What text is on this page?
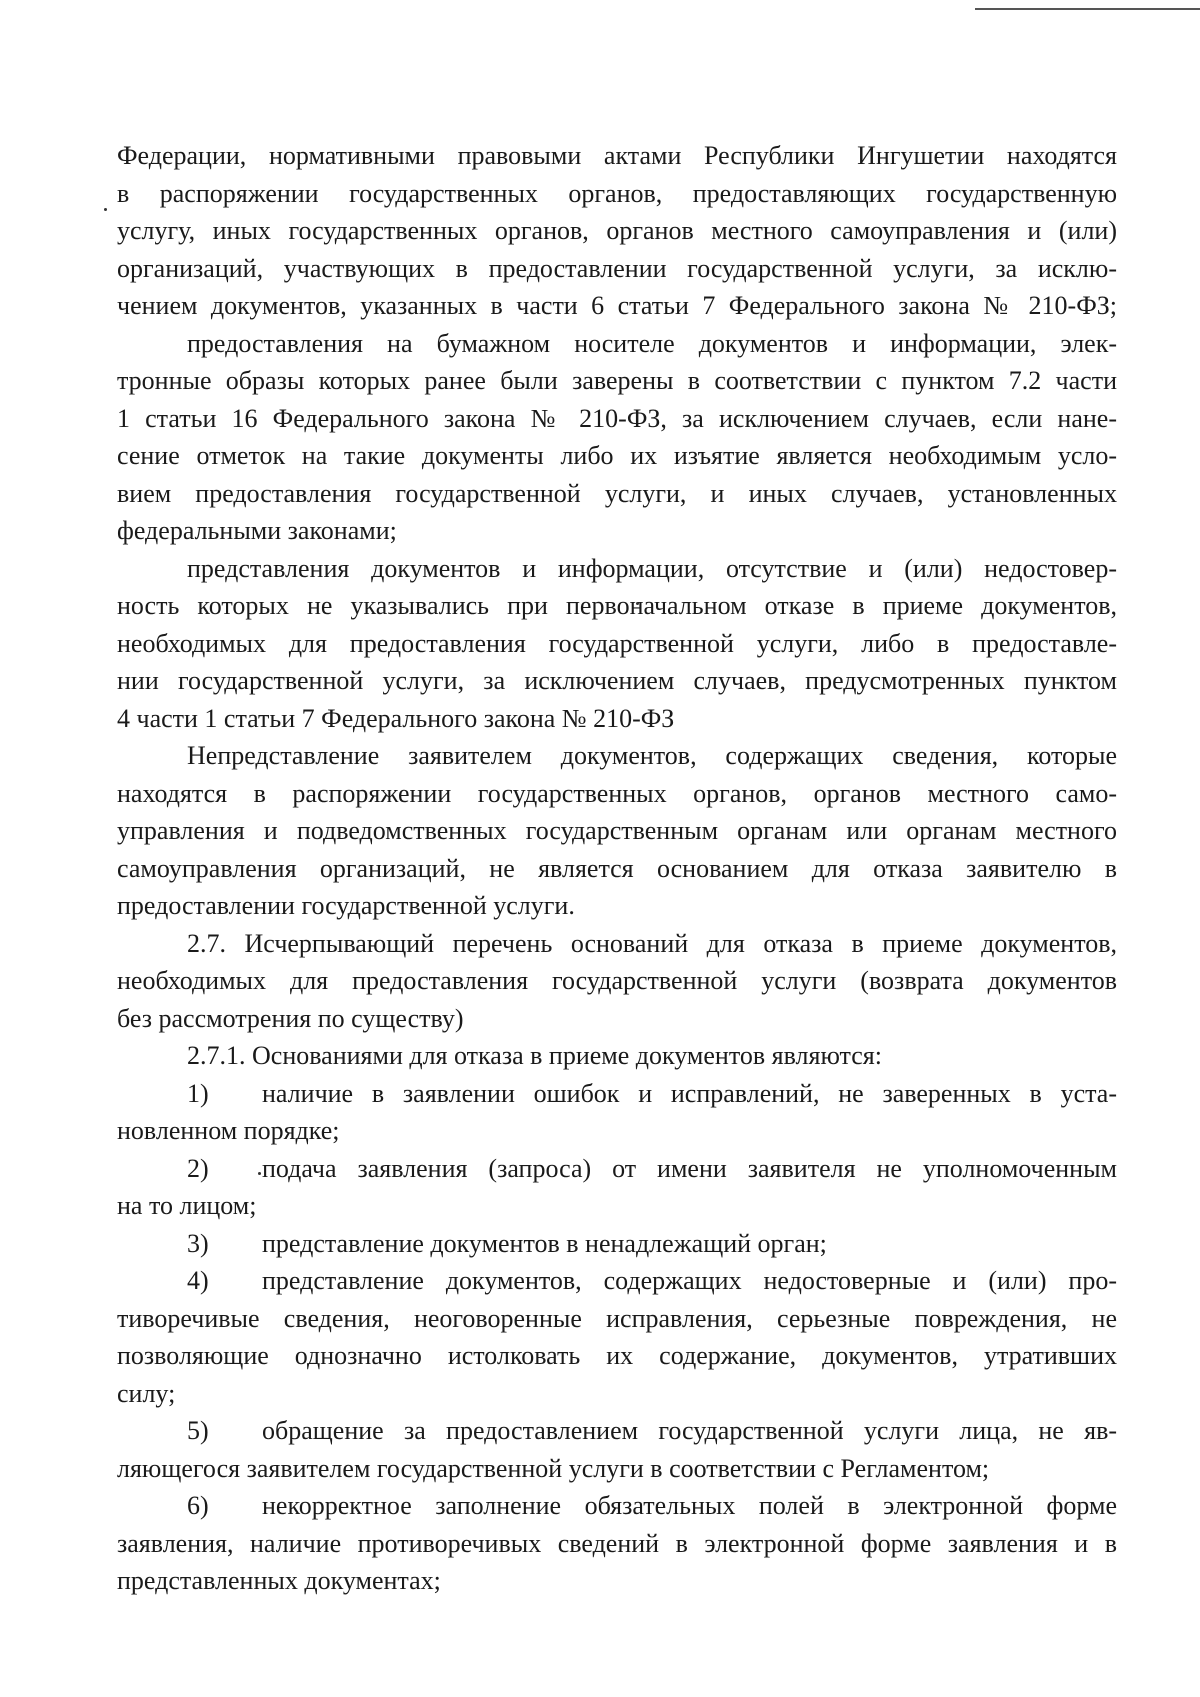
Федерации, нормативными правовыми актами Республики Ингушетии находятся
в распоряжении государственных органов, предоставляющих государственную
услугу, иных государственных органов, органов местного самоуправления и (или)
организаций, участвующих в предоставлении государственной услуги, за исклю-
чением документов, указанных в части 6 статьи 7 Федерального закона № 210-ФЗ;

предоставления на бумажном носителе документов и информации, элек-
тронные образы которых ранее были заверены в соответствии с пунктом 7.2 части
1 статьи 16 Федерального закона № 210-ФЗ, за исключением случаев, если нане-
сение отметок на такие документы либо их изъятие является необходимым усло-
вием предоставления государственной услуги, и иных случаев, установленных
федеральными законами;

представления документов и информации, отсутствие и (или) недостовер-
ность которых не указывались при первоначальном отказе в приеме документов,
необходимых для предоставления государственной услуги, либо в предоставле-
нии государственной услуги, за исключением случаев, предусмотренных пунктом
4 части 1 статьи 7 Федерального закона № 210-ФЗ

Непредставление заявителем документов, содержащих сведения, которые
находятся в распоряжении государственных органов, органов местного само-
управления и подведомственных государственным органам или органам местного
самоуправления организаций, не является основанием для отказа заявителю в
предоставлении государственной услуги.

2.7. Исчерпывающий перечень оснований для отказа в приеме документов,
необходимых для предоставления государственной услуги (возврата документов
без рассмотрения по существу)

2.7.1. Основаниями для отказа в приеме документов являются:

1) наличие в заявлении ошибок и исправлений, не заверенных в уста-
новленном порядке;
2) подача заявления (запроса) от имени заявителя не уполномоченным
на то лицом;
3) представление документов в ненадлежащий орган;
4) представление документов, содержащих недостоверные и (или) про-
тиворечивые сведения, неоговоренные исправления, серьезные повреждения, не
позволяющие однозначно истолковать их содержание, документов, утративших
силу;
5) обращение за предоставлением государственной услуги лица, не яв-
ляющегося заявителем государственной услуги в соответствии с Регламентом;
6) некорректное заполнение обязательных полей в электронной форме
заявления, наличие противоречивых сведений в электронной форме заявления и в
представленных документах;
